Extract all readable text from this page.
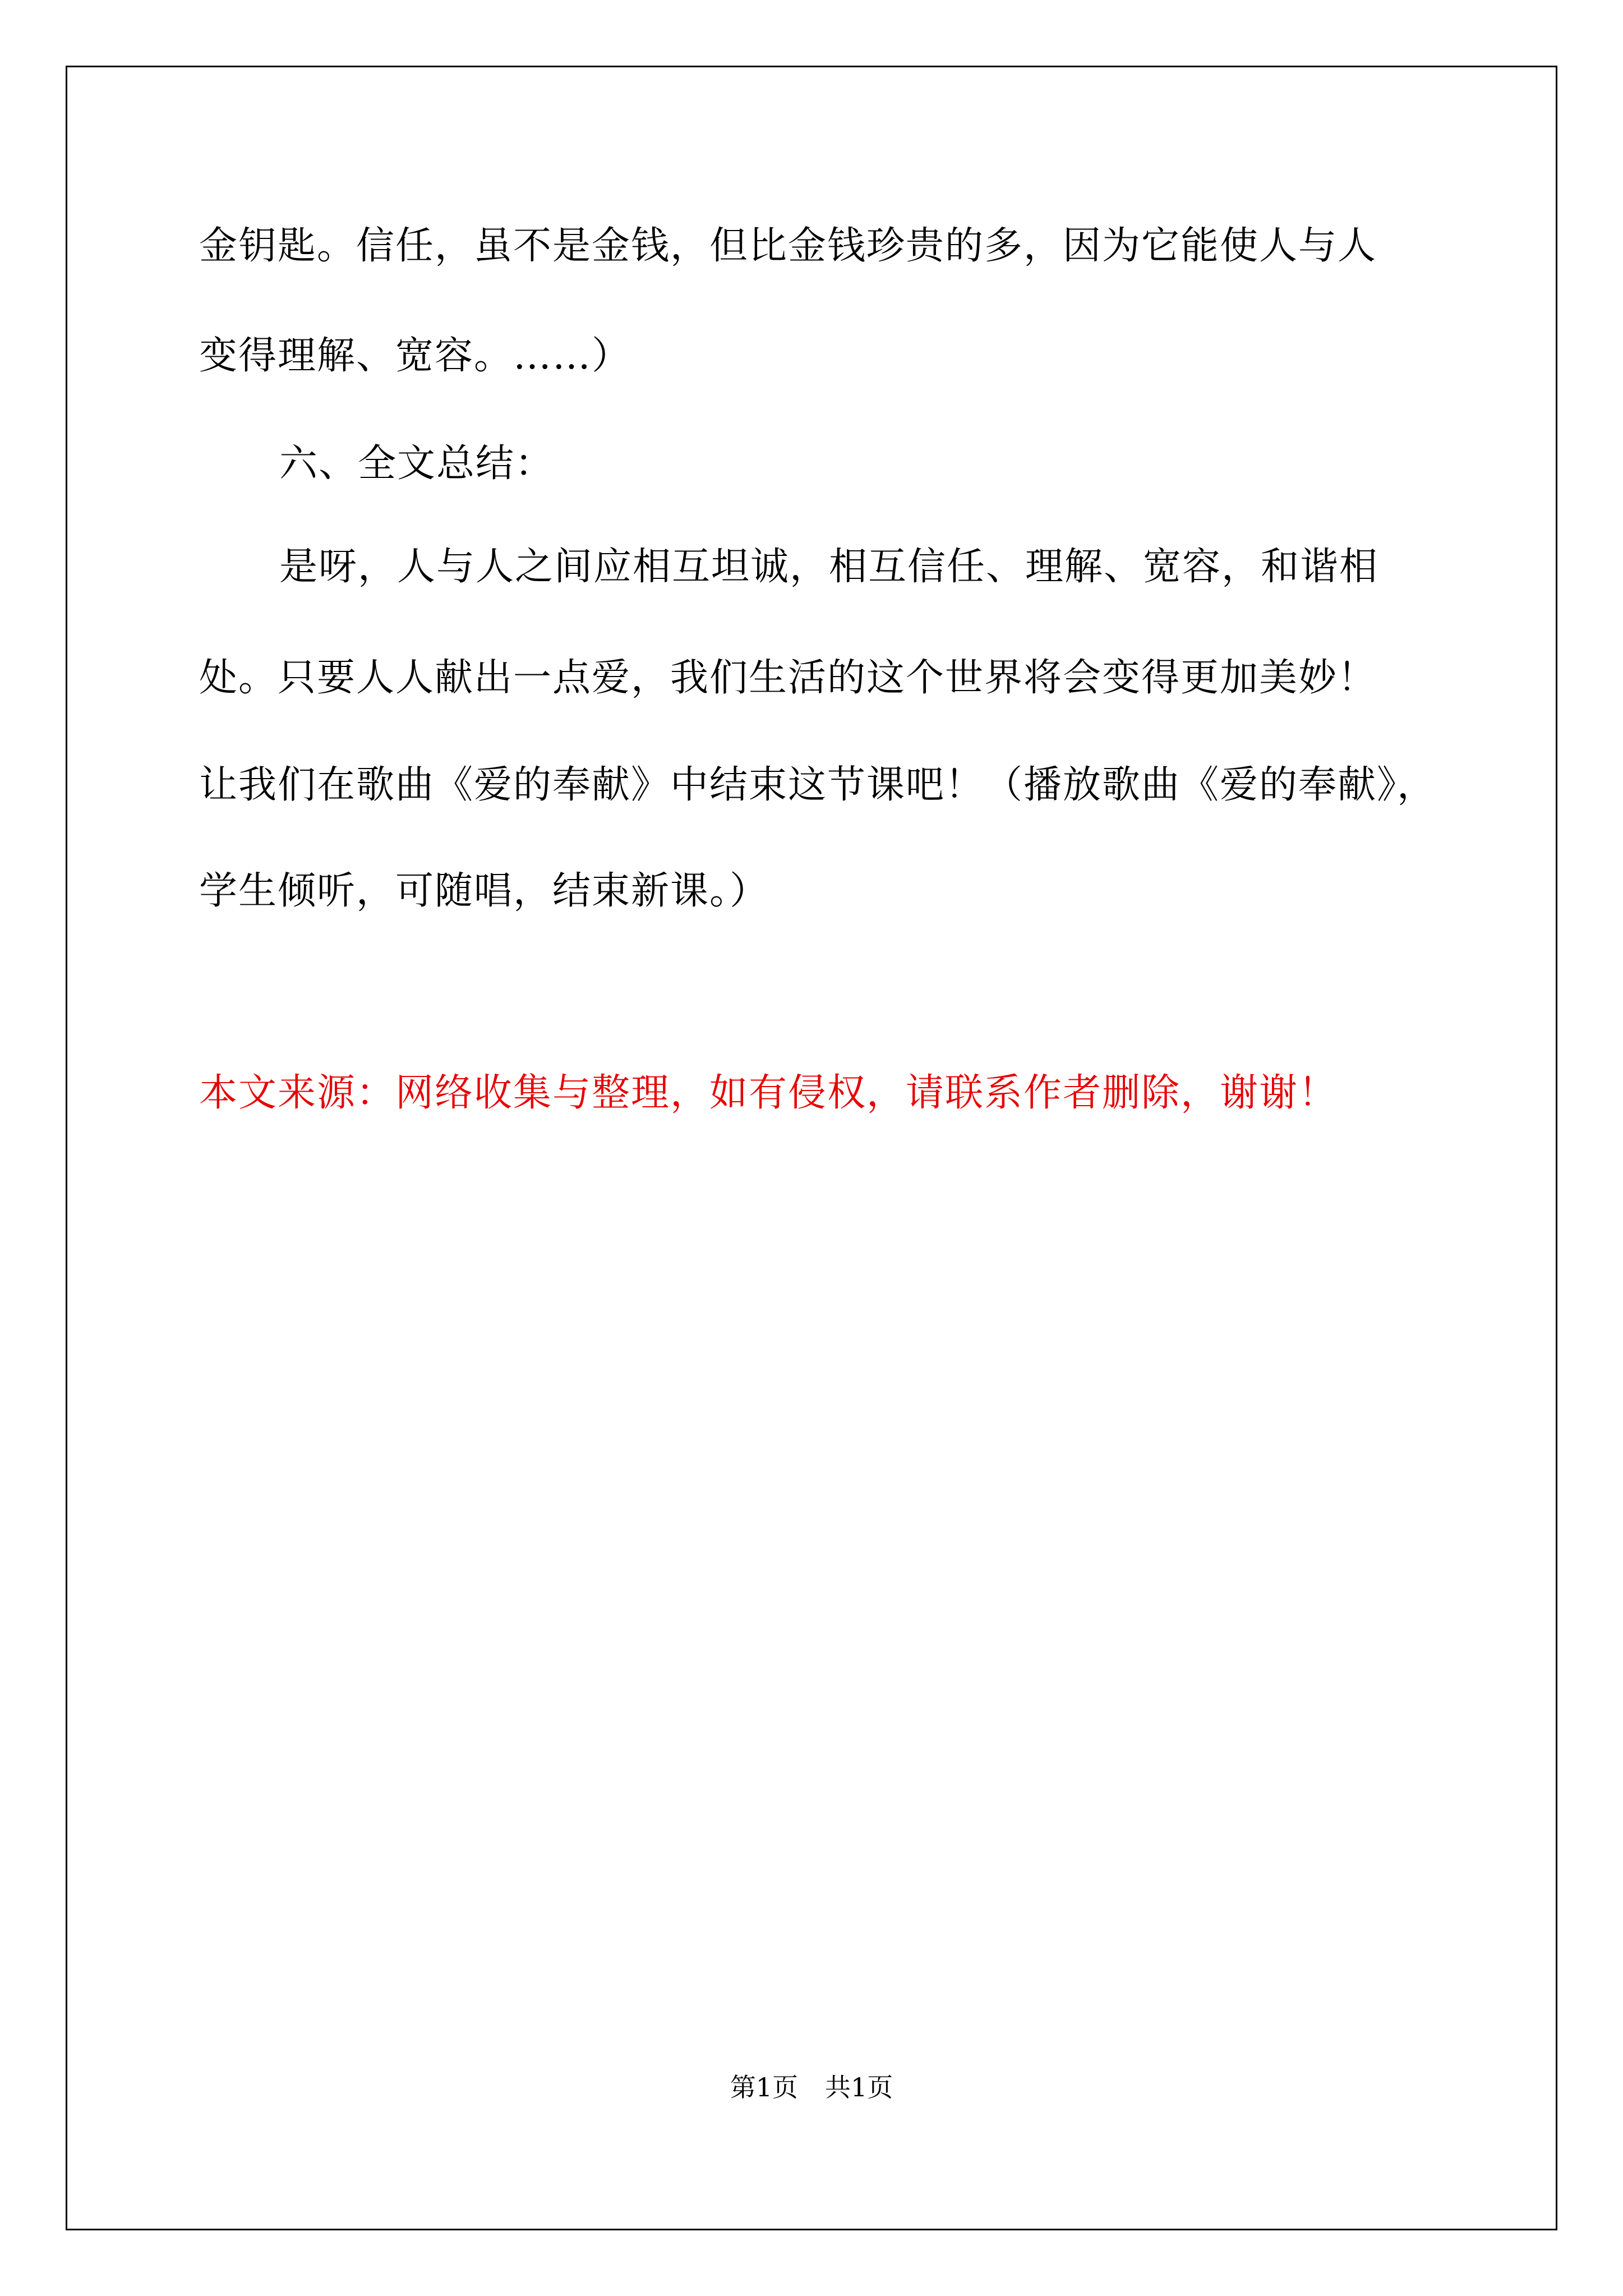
金钥匙。信任，虽不是金钱，但比金钱珍贵的多，因为它能使人与人
变得理解、宽容。……）
六、全文总结：
是呀，人与人之间应相互坦诚，相互信任、理解、宽容，和谐相
处。只要人人献出一点爱，我们生活的这个世界将会变得更加美妙！
让我们在歌曲《爱的奉献》中结束这节课吧！（播放歌曲《爱的奉献》，
学生倾听，可随唱，结束新课。）
本文来源：网络收集与整理，如有侵权，请联系作者删除，谢谢！
第1页 共1页
